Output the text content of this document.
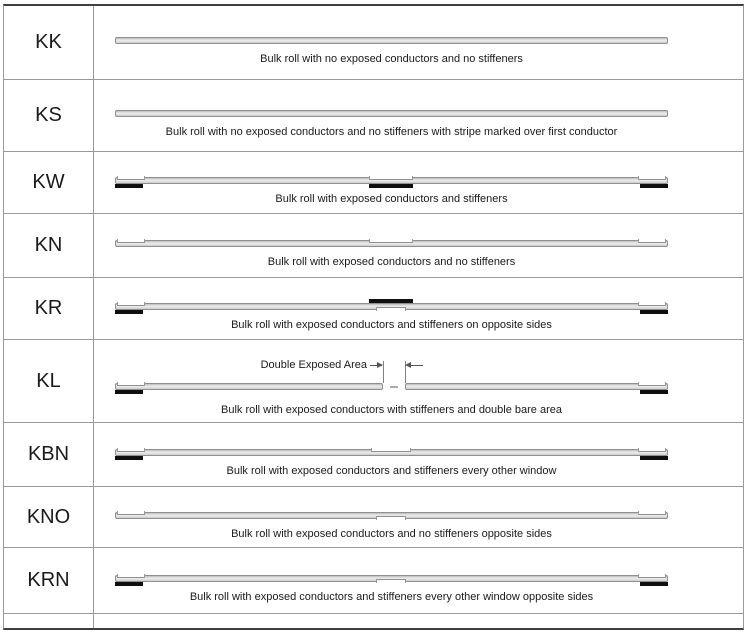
KK
Bulk roll with no exposed conductors and no stiffeners
KS
Bulk roll with no exposed conductors and no stiffeners with stripe marked over first conductor
KW
Bulk roll with exposed conductors and stiffeners
KN
Bulk roll with exposed conductors and no stiffeners
KR
Bulk roll with exposed conductors and stiffeners on opposite sides
KL
Double Exposed Area
Bulk roll with exposed conductors with stiffeners and double bare area
KBN
Bulk roll with exposed conductors and stiffeners every other window
KNO
Bulk roll with exposed conductors and no stiffeners opposite sides
KRN
Bulk roll with exposed conductors and stiffeners every other window opposite sides
